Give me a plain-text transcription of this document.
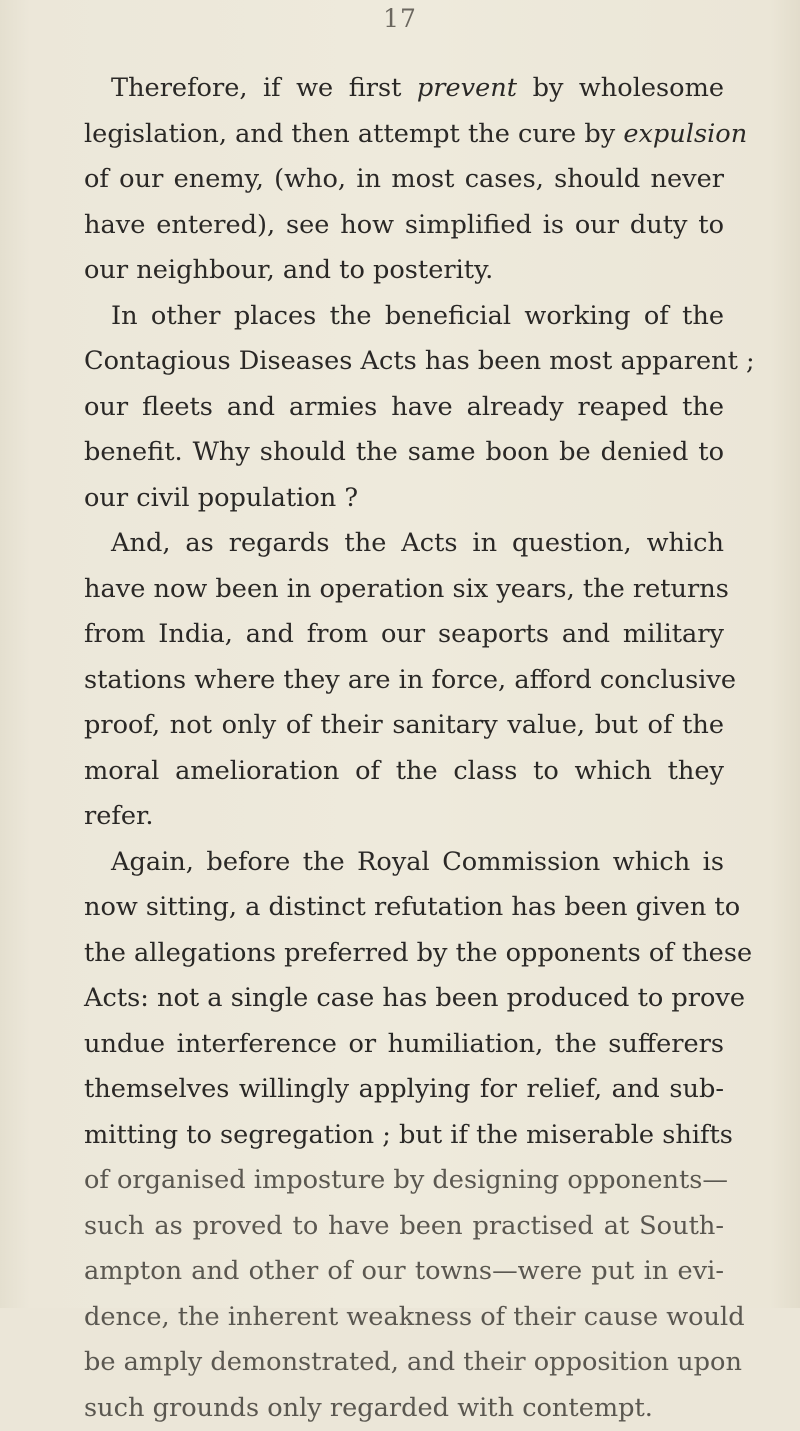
17
Therefore, if we first prevent by wholesome
legislation, and then attempt the cure by expulsion
of our enemy, (who, in most cases, should never
have entered), see how simplified is our duty to
our neighbour, and to posterity.
In other places the beneficial working of the
Contagious Diseases Acts has been most apparent ;
our fleets and armies have already reaped the
benefit. Why should the same boon be denied to
our civil population ?
And, as regards the Acts in question, which
have now been in operation six years, the returns
from India, and from our seaports and military
stations where they are in force, afford conclusive
proof, not only of their sanitary value, but of the
moral amelioration of the class to which they
refer.
Again, before the Royal Commission which is
now sitting, a distinct refutation has been given to
the allegations preferred by the opponents of these
Acts: not a single case has been produced to prove
undue interference or humiliation, the sufferers
themselves willingly applying for relief, and sub-
mitting to segregation ; but if the miserable shifts
of organised imposture by designing opponents—
such as proved to have been practised at South-
ampton and other of our towns—were put in evi-
dence, the inherent weakness of their cause would
be amply demonstrated, and their opposition upon
such grounds only regarded with contempt.
